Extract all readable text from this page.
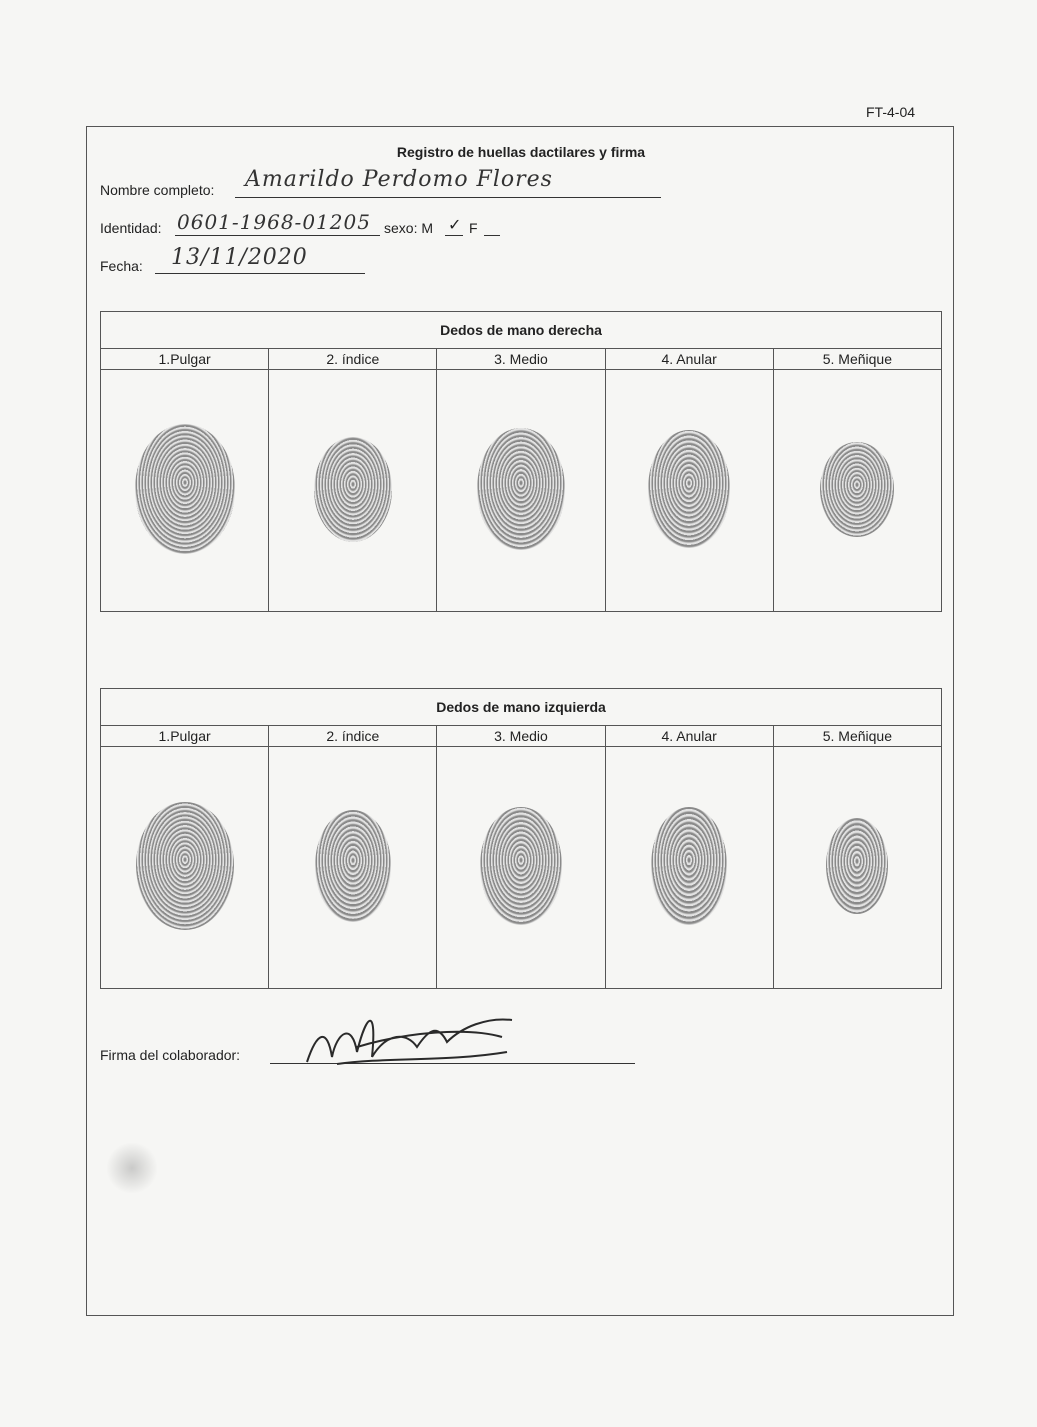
FT-4-04
Registro de huellas dactilares y firma
Nombre completo: Amarildo Perdomo Flores
Identidad: 0601-1968-01205 sexo: M ✓ F
Fecha: 13/11/2020
Dedos de mano derecha				
1.Pulgar	2. índice	3. Medio	4. Anular	5. Meñique

Dedos de mano izquierda				
1.Pulgar	2. índice	3. Medio	4. Anular	5. Meñique

Firma del colaborador:
